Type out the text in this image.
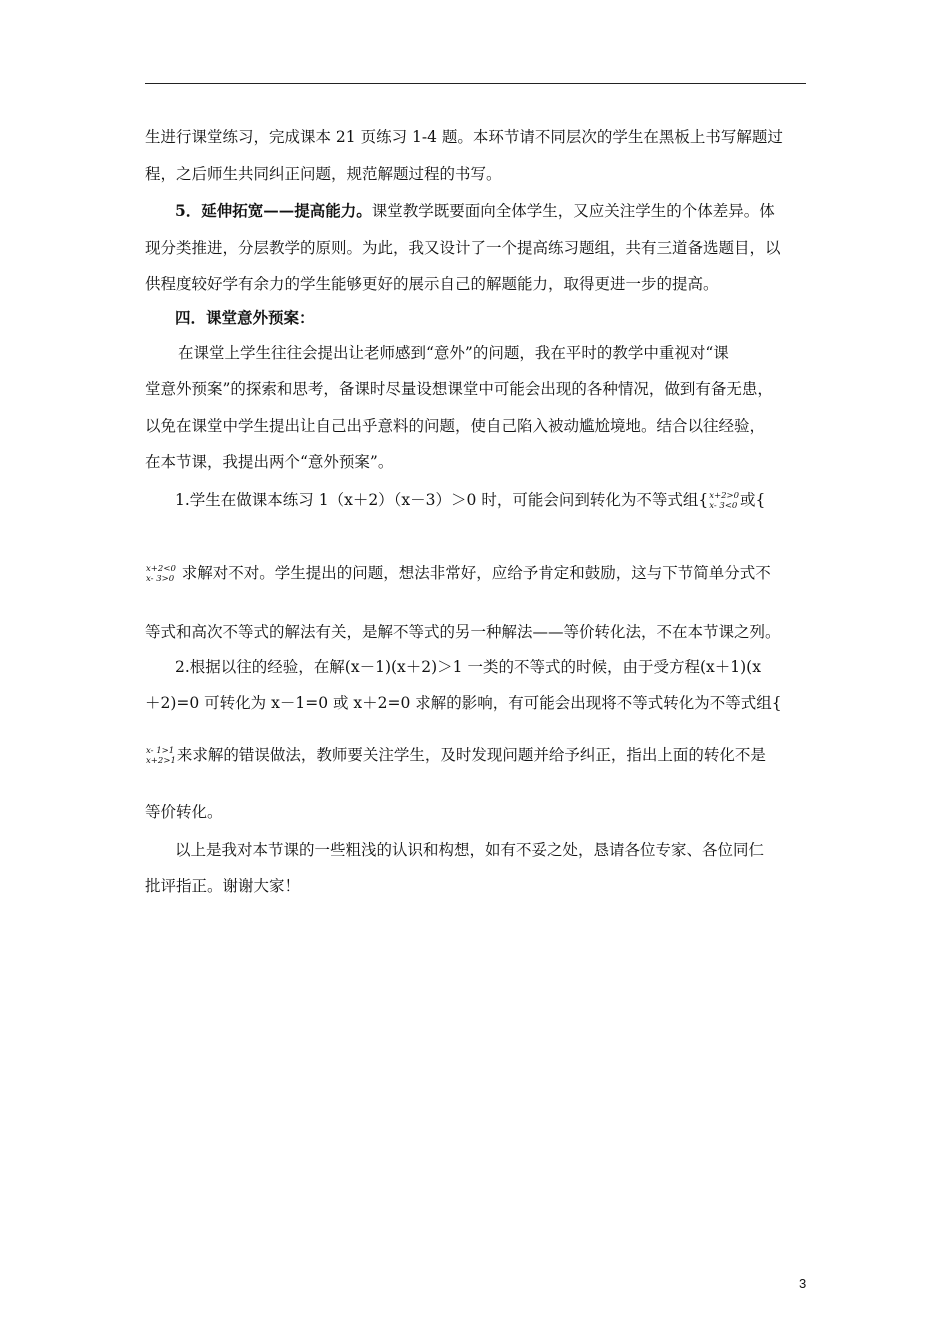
生进行课堂练习，完成课本 21 页练习 1-4 题。本环节请不同层次的学生在黑板上书写解题过
程，之后师生共同纠正问题，规范解题过程的书写。
5．延伸拓宽——提高能力。课堂教学既要面向全体学生，又应关注学生的个体差异。体
现分类推进，分层教学的原则。为此，我又设计了一个提高练习题组，共有三道备选题目，以
供程度较好学有余力的学生能够更好的展示自己的解题能力，取得更进一步的提高。
四．课堂意外预案：
在课堂上学生往往会提出让老师感到“意外”的问题，我在平时的教学中重视对“课
堂意外预案”的探索和思考，备课时尽量设想课堂中可能会出现的各种情况，做到有备无患，
以免在课堂中学生提出让自己出乎意料的问题，使自己陷入被动尴尬境地。结合以往经验，
在本节课，我提出两个“意外预案”。
1.学生在做课本练习 1（x＋2）（x－3）＞0 时，可能会问到转化为不等式组{ x+2>0
x- 3<0 或{
x+2<0
x- 3>0 求解对不对。学生提出的问题，想法非常好，应给予肯定和鼓励，这与下节简单分式不
等式和高次不等式的解法有关，是解不等式的另一种解法——等价转化法，不在本节课之列。
2.根据以往的经验，在解(x－1)(x＋2)＞1 一类的不等式的时候，由于受方程(x＋1)(x
＋2)=0 可转化为 x－1=0 或 x＋2=0 求解的影响，有可能会出现将不等式转化为不等式组{
x- 1>1
x+2>1 来求解的错误做法，教师要关注学生，及时发现问题并给予纠正，指出上面的转化不是
等价转化。
以上是我对本节课的一些粗浅的认识和构想，如有不妥之处，恳请各位专家、各位同仁
批评指正。谢谢大家！
3
